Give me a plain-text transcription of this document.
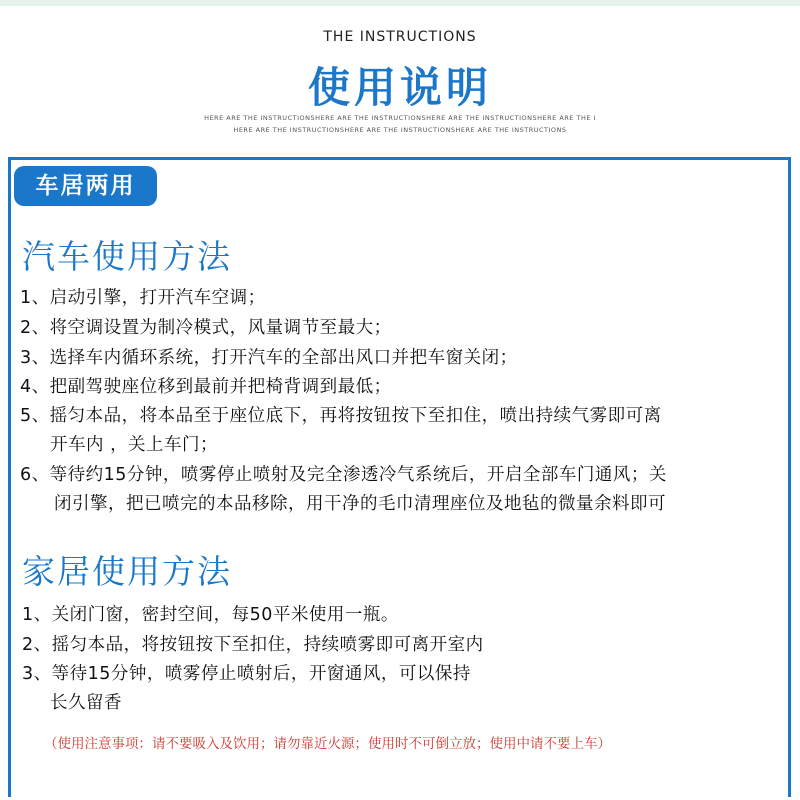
THE INSTRUCTIONS
使用说明
HERE ARE THE INSTRUCTIONSHERE ARE THE INSTRUCTIONSHERE ARE THE INSTRUCTIONSHERE ARE THE I
HERE ARE THE INSTRUCTIONSHERE ARE THE INSTRUCTIONSHERE ARE THE INSTRUCTIONS
车居两用
汽车使用方法
1、启动引擎，打开汽车空调；
2、将空调设置为制冷模式，风量调节至最大；
3、选择车内循环系统，打开汽车的全部出风口并把车窗关闭；
4、把副驾驶座位移到最前并把椅背调到最低；
5、摇匀本品，将本品至于座位底下，再将按钮按下至扣住，喷出持续气雾即可离
开车内 ，关上车门；
6、等待约15分钟，喷雾停止喷射及完全渗透冷气系统后，开启全部车门通风；关
闭引擎，把已喷完的本品移除，用干净的毛巾清理座位及地毡的微量余料即可
家居使用方法
1、关闭门窗，密封空间，每50平米使用一瓶。
2、摇匀本品，将按钮按下至扣住，持续喷雾即可离开室内
3、等待15分钟，喷雾停止喷射后，开窗通风，可以保持
长久留香
（使用注意事项：请不要吸入及饮用；请勿靠近火源；使用时不可倒立放；使用中请不要上车）
